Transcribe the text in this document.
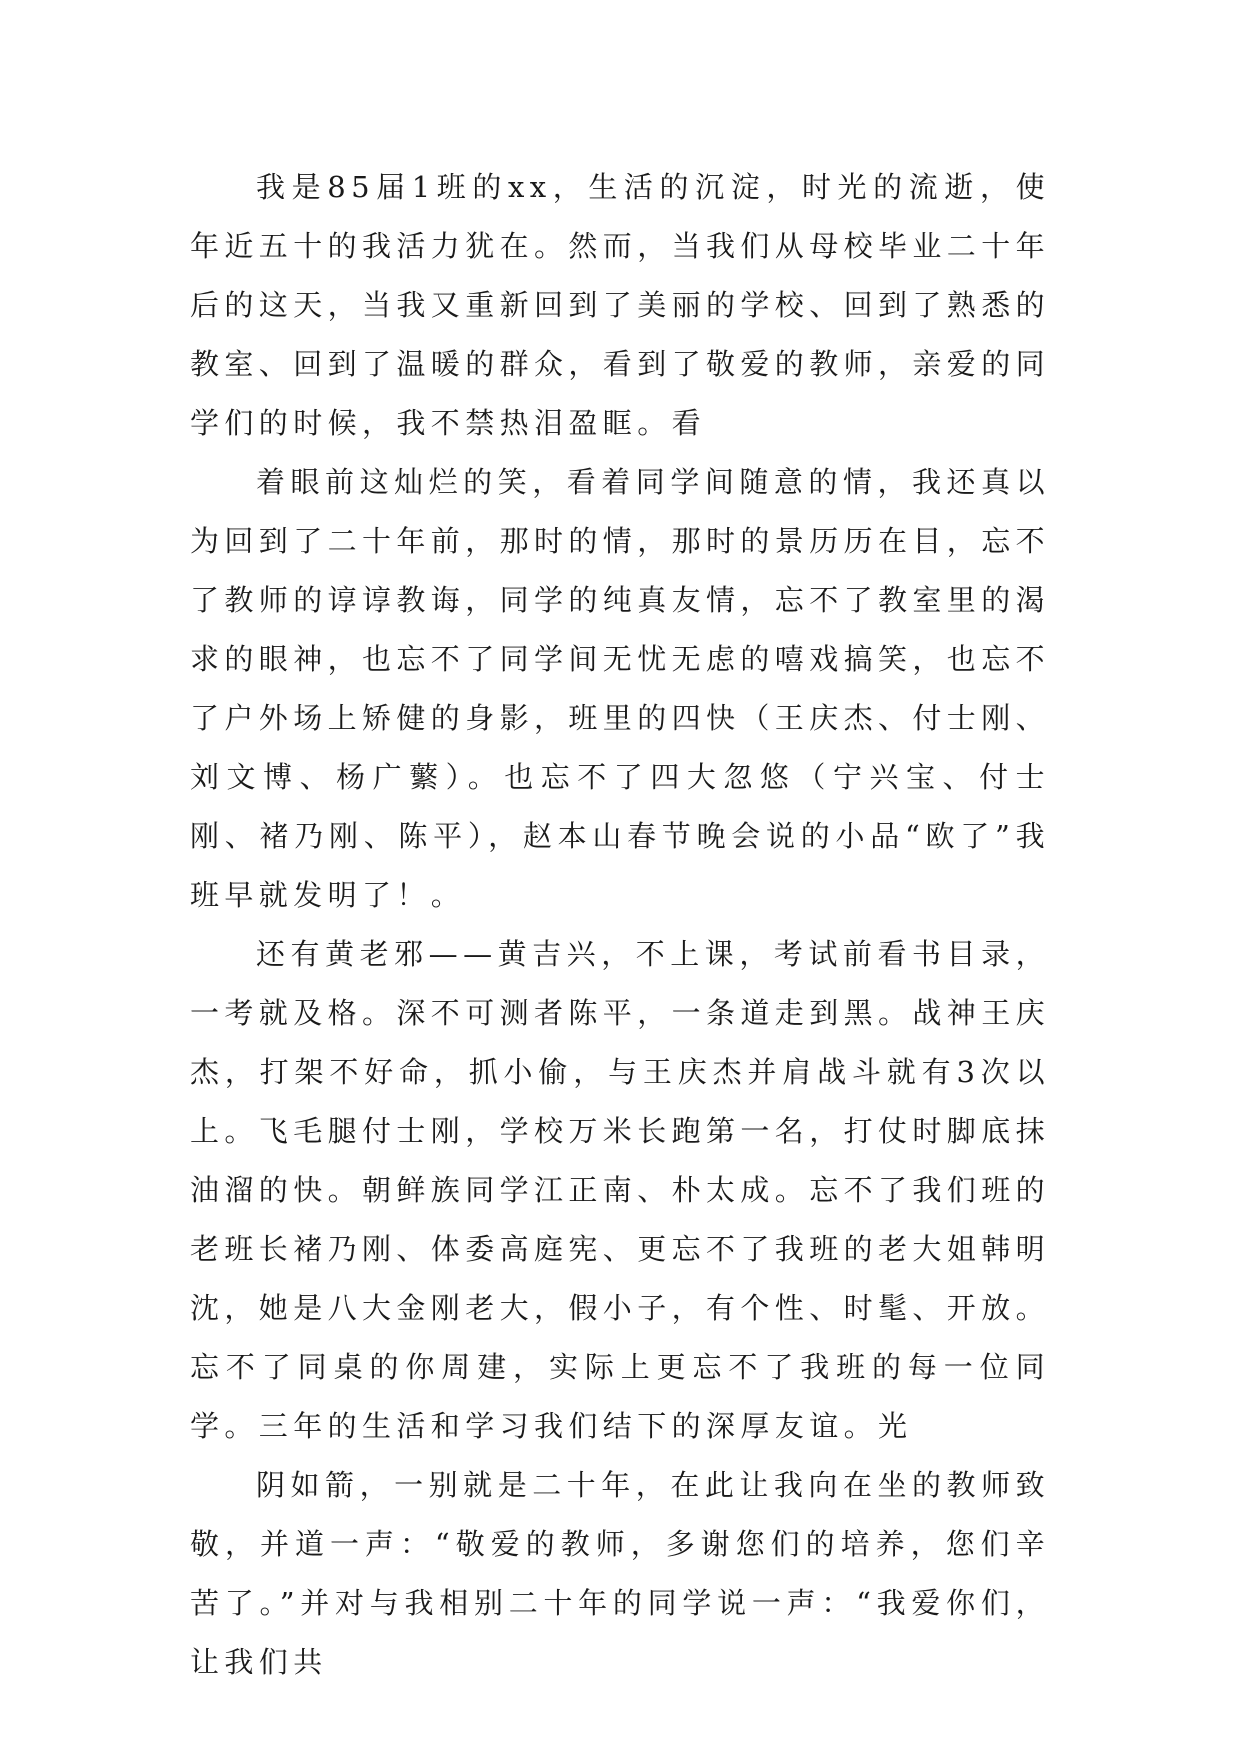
我是85届1班的xx，生活的沉淀，时光的流逝，使年近五十的我活力犹在。然而，当我们从母校毕业二十年后的这天，当我又重新回到了美丽的学校、回到了熟悉的教室、回到了温暖的群众，看到了敬爱的教师，亲爱的同学们的时候，我不禁热泪盈眶。看

着眼前这灿烂的笑，看着同学间随意的情，我还真以为回到了二十年前，那时的情，那时的景历历在目，忘不了教师的谆谆教诲，同学的纯真友情，忘不了教室里的渴求的眼神，也忘不了同学间无忧无虑的嘻戏搞笑，也忘不了户外场上矫健的身影，班里的四快（王庆杰、付士刚、刘文博、杨广蘩）。也忘不了四大忽悠（宁兴宝、付士刚、褚乃刚、陈平），赵本山春节晚会说的小品“欧了”我班早就发明了！。

还有黄老邪——黄吉兴，不上课，考试前看书目录，一考就及格。深不可测者陈平，一条道走到黑。战神王庆杰，打架不好命，抓小偷，与王庆杰并肩战斗就有3次以上。飞毛腿付士刚，学校万米长跑第一名，打仗时脚底抹油溜的快。朝鲜族同学江正南、朴太成。忘不了我们班的老班长褚乃刚、体委高庭宪、更忘不了我班的老大姐韩明沈，她是八大金刚老大，假小子，有个性、时髦、开放。忘不了同桌的你周建，实际上更忘不了我班的每一位同学。三年的生活和学习我们结下的深厚友谊。光

阴如箭，一别就是二十年，在此让我向在坐的教师致敬，并道一声：“敬爱的教师，多谢您们的培养，您们辛苦了。”并对与我相别二十年的同学说一声：“我爱你们，让我们共
